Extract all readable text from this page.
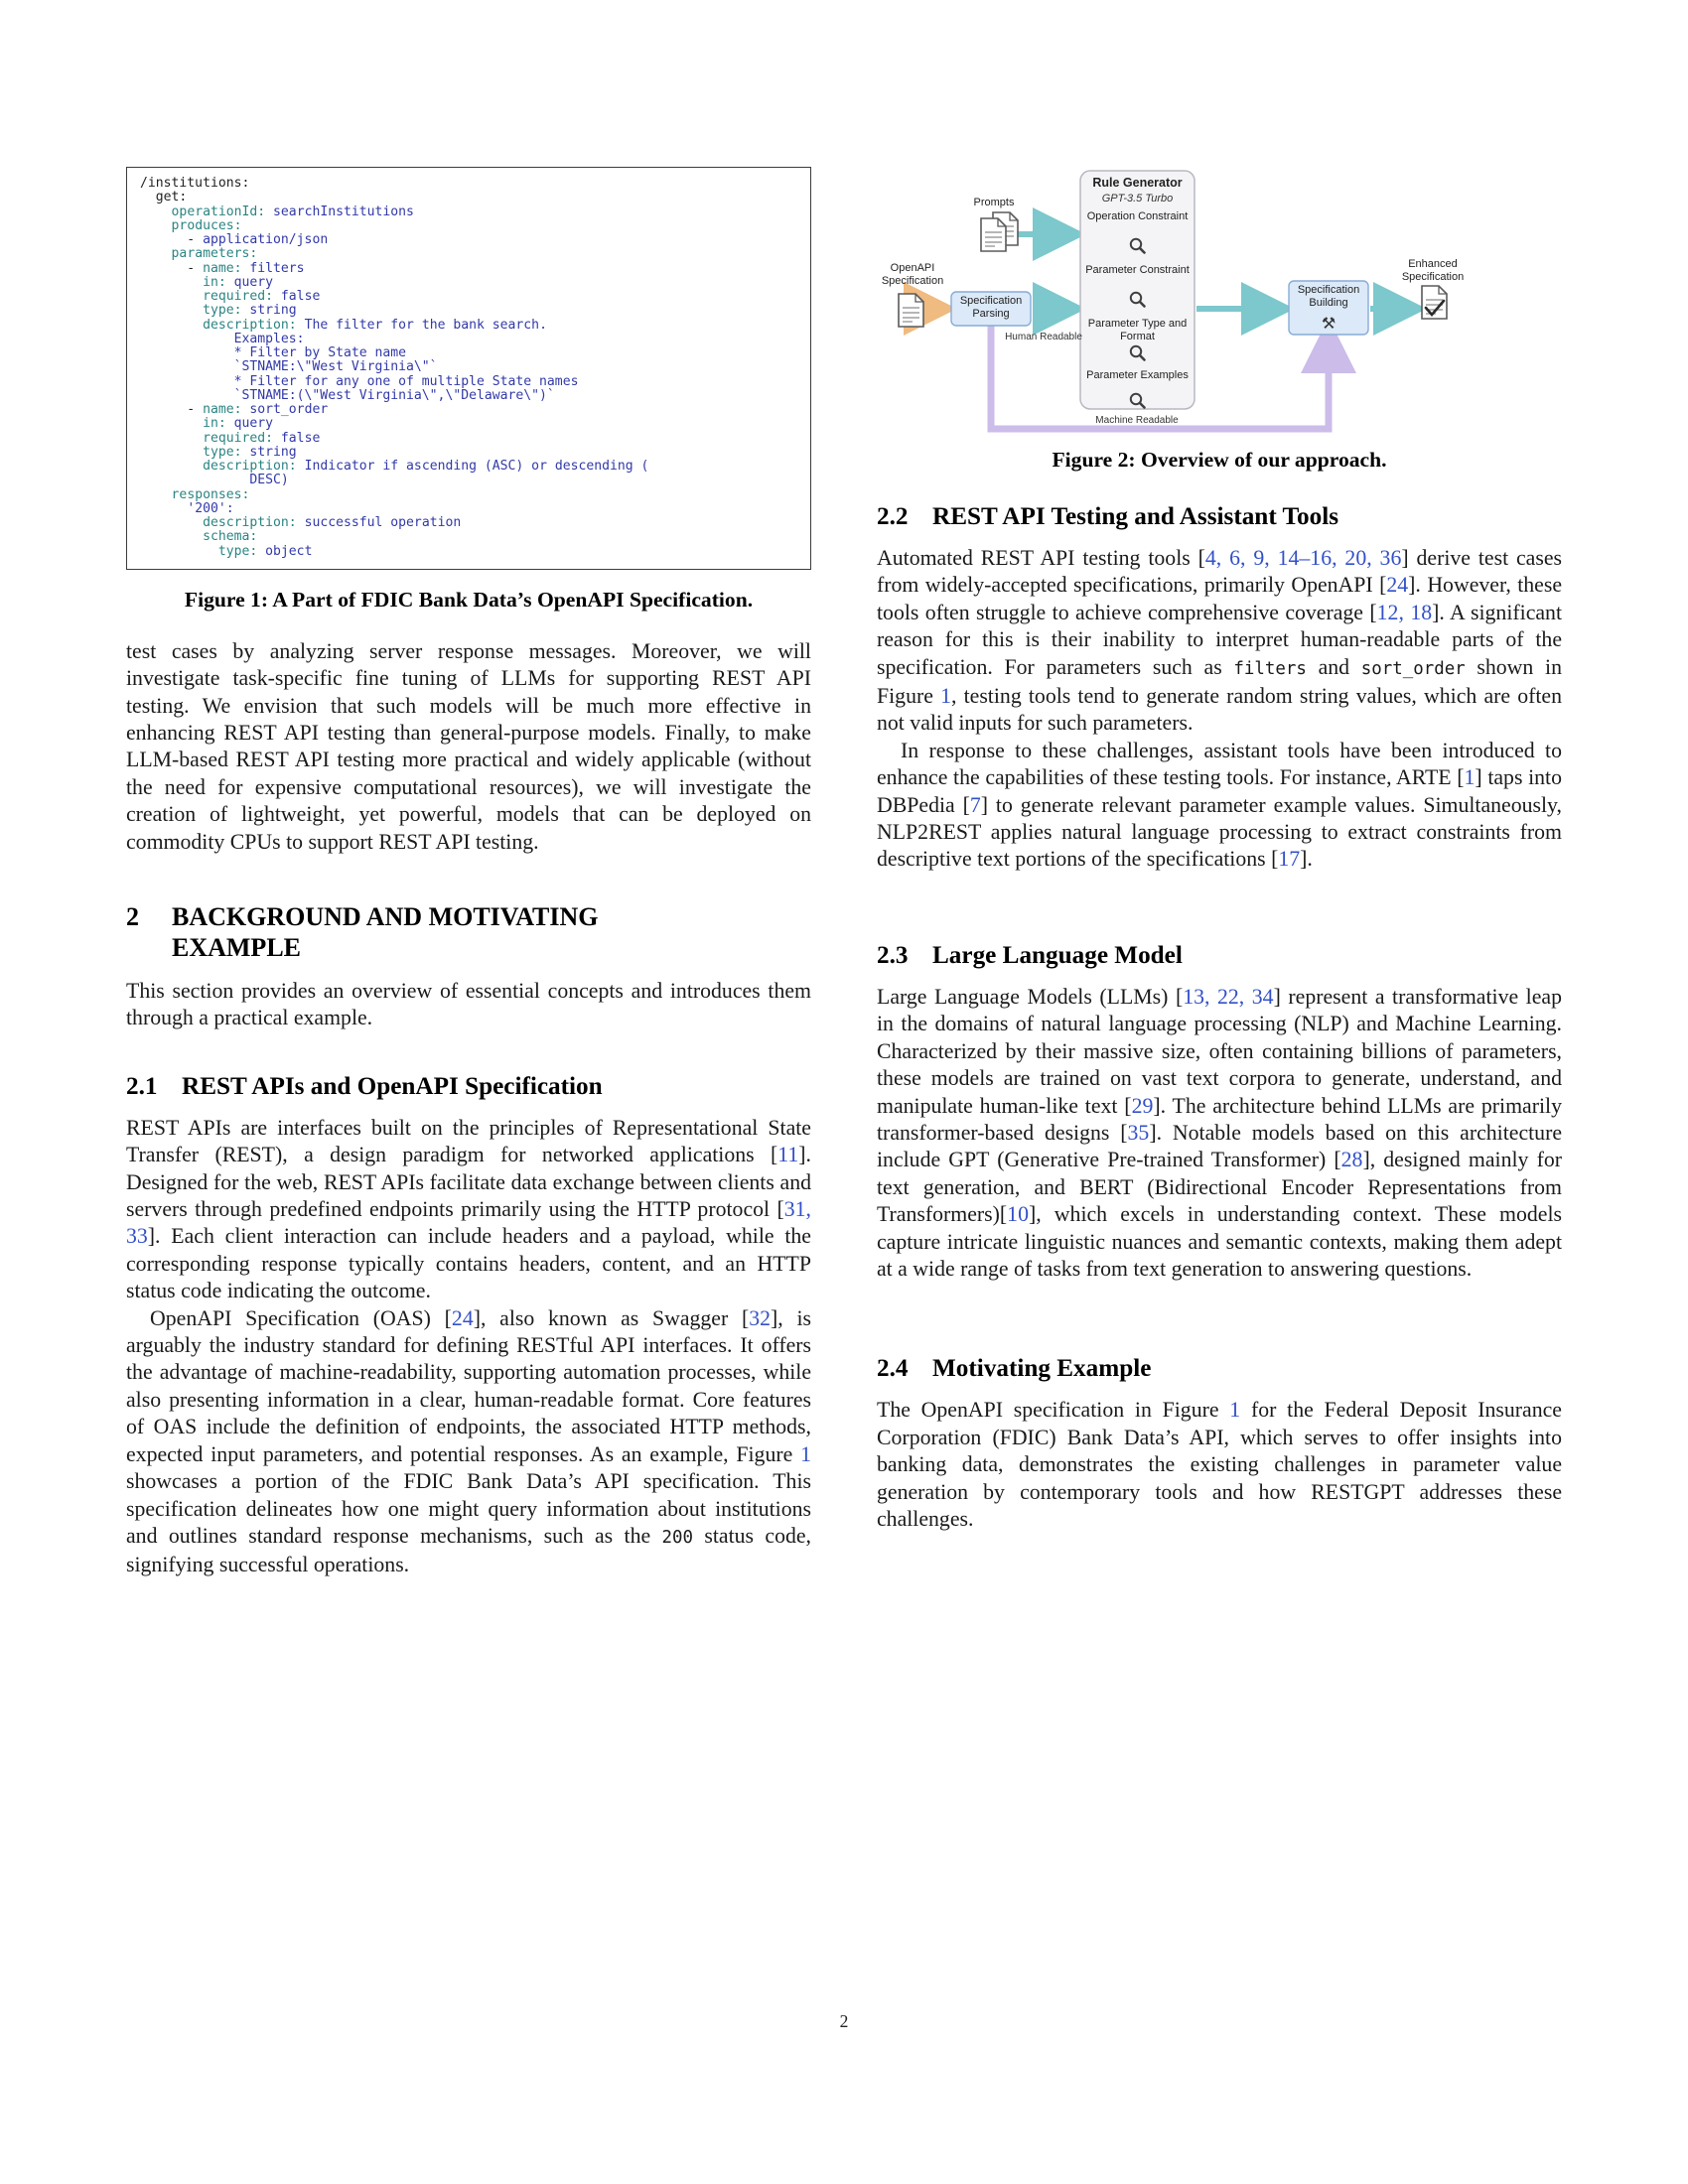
/institutions:
get:
operationId: searchInstitutions
produces:
- application/json
parameters:
- name: filters
in: query
required: false
type: string
description: The filter for the bank search.
Examples:
* Filter by State name
`STNAME:\"West Virginia\"`
* Filter for any one of multiple State names
`STNAME:(\"West Virginia\",\"Delaware\")`
- name: sort_order
in: query
required: false
type: string
description: Indicator if ascending (ASC) or descending (
DESC)
responses:
'200':
description: successful operation
schema:
type: object
Figure 1: A Part of FDIC Bank Data’s OpenAPI Specification.

test cases by analyzing server response messages. Moreover, we will investigate task-specific fine tuning of LLMs for supporting REST API testing. We envision that such models will be much more effective in enhancing REST API testing than general-purpose models. Finally, to make LLM-based REST API testing more practical and widely applicable (without the need for expensive computational resources), we will investigate the creation of lightweight, yet powerful, models that can be deployed on commodity CPUs to support REST API testing.

2	BACKGROUND AND MOTIVATING
EXAMPLE

This section provides an overview of essential concepts and introduces them through a practical example.

2.1 REST APIs and OpenAPI Specification

REST APIs are interfaces built on the principles of Representational State Transfer (REST), a design paradigm for networked applications [11]. Designed for the web, REST APIs facilitate data exchange between clients and servers through predefined endpoints primarily using the HTTP protocol [31, 33]. Each client interaction can include headers and a payload, while the corresponding response typically contains headers, content, and an HTTP status code indicating the outcome.

OpenAPI Specification (OAS) [24], also known as Swagger [32], is arguably the industry standard for defining RESTful API interfaces. It offers the advantage of machine-readability, supporting automation processes, while also presenting information in a clear, human-readable format. Core features of OAS include the definition of endpoints, the associated HTTP methods, expected input parameters, and potential responses. As an example, Figure 1 showcases a portion of the FDIC Bank Data’s API specification. This specification delineates how one might query information about institutions and outlines standard response mechanisms, such as the 200 status code, signifying successful operations.

Rule Generator
GPT-3.5 Turbo
Operation Constraint
Parameter Constraint
Parameter Type and Format
Parameter Examples
Prompts
OpenAPI Specification
Specification Parsing
Specification Building
⚒
Enhanced Specification
Human Readable
Machine Readable
Figure 2: Overview of our approach.
2.2 REST API Testing and Assistant Tools

Automated REST API testing tools [4, 6, 9, 14–16, 20, 36] derive test cases from widely-accepted specifications, primarily OpenAPI [24]. However, these tools often struggle to achieve comprehensive coverage [12, 18]. A significant reason for this is their inability to interpret human-readable parts of the specification. For parameters such as filters and sort_order shown in Figure 1, testing tools tend to generate random string values, which are often not valid inputs for such parameters.

In response to these challenges, assistant tools have been introduced to enhance the capabilities of these testing tools. For instance, ARTE [1] taps into DBPedia [7] to generate relevant parameter example values. Simultaneously, NLP2REST applies natural language processing to extract constraints from descriptive text portions of the specifications [17].

2.3 Large Language Model

Large Language Models (LLMs) [13, 22, 34] represent a transformative leap in the domains of natural language processing (NLP) and Machine Learning. Characterized by their massive size, often containing billions of parameters, these models are trained on vast text corpora to generate, understand, and manipulate human-like text [29]. The architecture behind LLMs are primarily transformer-based designs [35]. Notable models based on this architecture include GPT (Generative Pre-trained Transformer) [28], designed mainly for text generation, and BERT (Bidirectional Encoder Representations from Transformers)[10], which excels in understanding context. These models capture intricate linguistic nuances and semantic contexts, making them adept at a wide range of tasks from text generation to answering questions.

2.4 Motivating Example

The OpenAPI specification in Figure 1 for the Federal Deposit Insurance Corporation (FDIC) Bank Data’s API, which serves to offer insights into banking data, demonstrates the existing challenges in parameter value generation by contemporary tools and how RESTGPT addresses these challenges.

2
